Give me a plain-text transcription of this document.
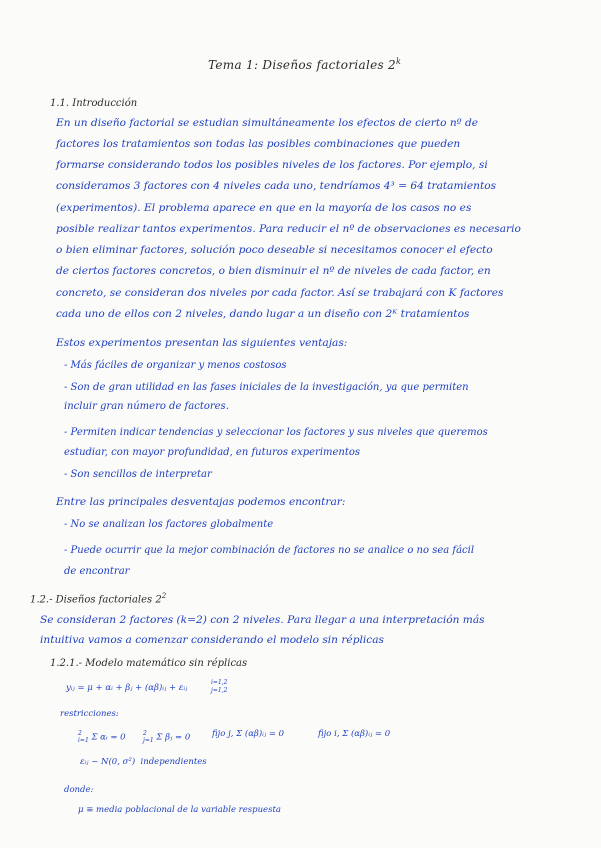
Tema 1: Diseños factoriales 2$^k$
1.1. Introducción
En un diseño factorial se estudian simultáneamente los efectos de cierto nº de
factores los tratamientos son todas las posibles combinaciones que pueden
formarse considerando todos los posibles niveles de los factores. Por ejemplo, si
consideramos 3 factores con 4 niveles cada uno, tendríamos 4³ = 64 tratamientos
(experimentos). El problema aparece en que en la mayoría de los casos no es
posible realizar tantos experimentos. Para reducir el nº de observaciones es necesario
o bien eliminar factores, solución poco deseable si necesitamos conocer el efecto
de ciertos factores concretos, o bien disminuir el nº de niveles de cada factor, en
concreto, se consideran dos niveles por cada factor. Así se trabajará con K factores
cada uno de ellos con 2 niveles, dando lugar a un diseño con 2ᴷ tratamientos
Estos experimentos presentan las siguientes ventajas:
- Más fáciles de organizar y menos costosos
- Son de gran utilidad en las fases iniciales de la investigación, ya que permiten
incluir gran número de factores.
- Permiten indicar tendencias y seleccionar los factores y sus niveles que queremos
estudiar, con mayor profundidad, en futuros experimentos
- Son sencillos de interpretar
Entre las principales desventajas podemos encontrar:
- No se analizan los factores globalmente
- Puede ocurrir que la mejor combinación de factores no se analice o no sea fácil
de encontrar
1.2.- Diseños factoriales $2^2$
Se consideran 2 factores (k=2) con 2 niveles. Para llegar a una interpretación más
intuitiva vamos a comenzar considerando el modelo sin réplicas
1.2.1.- Modelo matemático sin réplicas
yᵢⱼ = μ + αᵢ + βⱼ + (αβ)ᵢⱼ + εᵢⱼ
i=1,2
j=1,2
restricciones:
2
i=1 Σ αᵢ = 0	2
j=1 Σ βⱼ = 0	fijo j, Σ (αβ)ᵢⱼ = 0	fijo i, Σ (αβ)ᵢⱼ = 0
εᵢⱼ ~ N(0, σ²) independientes
donde:
μ ≡ media poblacional de la variable respuesta
